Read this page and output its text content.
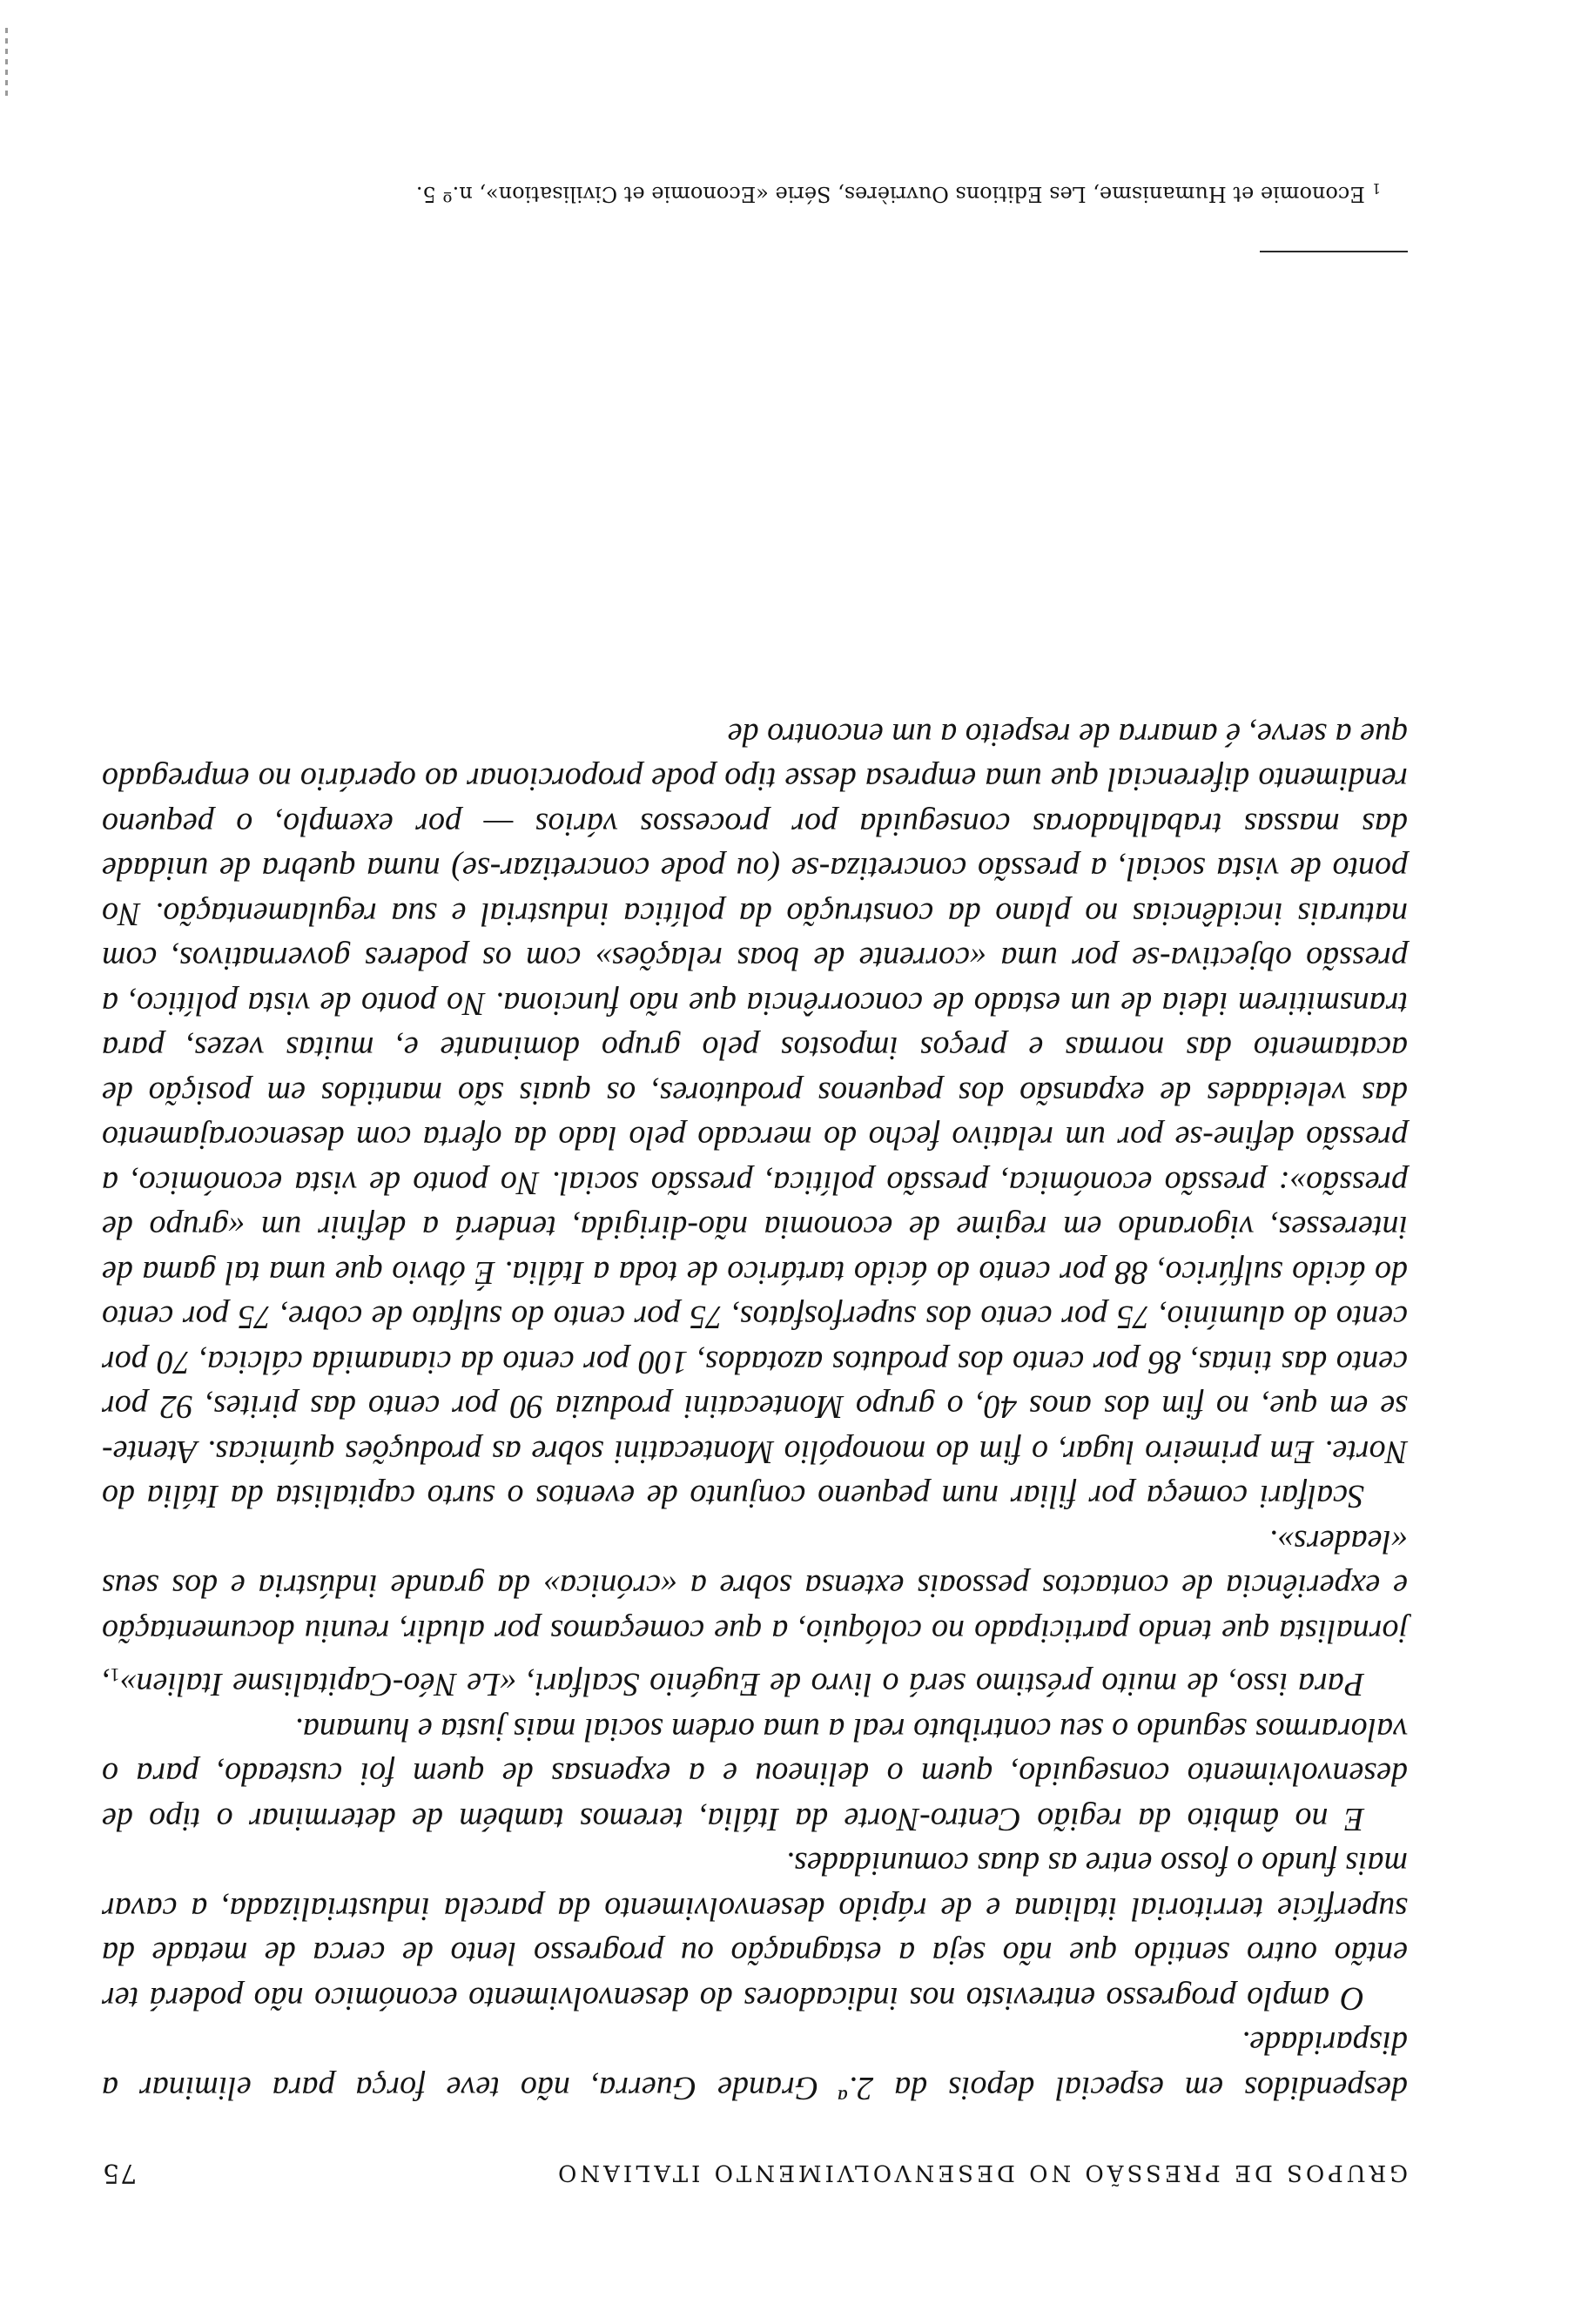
GRUPOS DE PRESSÃO NO DESENVOLVIMENTO ITALIANO
75

despendidos em especial depois da 2.ª Grande Guerra, não teve força para eliminar a disparidade.

O amplo progresso entrevisto nos indicadores do desenvolvimento económico não poderá ter então outro sentido que não seja a estagnação ou progresso lento de cerca de metade da superfície territorial italiana e de rápido desenvolvimento da parcela industrializada, a cavar mais fundo o fosso entre as duas comunidades.

E no âmbito da região Centro-Norte da Itália, teremos também de determinar o tipo de desenvolvimento conseguido, quem o delineou e a expensas de quem foi custeado, para o valorarmos segundo o seu contributo real a uma ordem social mais justa e humana.

Para isso, de muito préstimo será o livro de Eugénio Scalfari, «Le Néo-Capitalisme Italien»1, jornalista que tendo participado no colóquio, a que começamos por aludir, reuniu documentação e experiência de contactos pessoais extensa sobre a «crónica» da grande indústria e dos seus «leaders».

Scalfari começa por filiar num pequeno conjunto de eventos o surto capitalista da Itália do Norte. Em primeiro lugar, o fim do monopólio Montecatini sobre as produções químicas. Atente-se em que, no fim dos anos 40, o grupo Montecatini produzia 90 por cento das pirites, 92 por cento das tintas, 86 por cento dos produtos azotados, 100 por cento da cianamida cálcica, 70 por cento do alumínio, 75 por cento dos superfosfatos, 75 por cento do sulfato de cobre, 75 por cento do ácido sulfúrico, 88 por cento do ácido tartárico de toda a Itália. É óbvio que uma tal gama de interesses, vigorando em regime de economia não-dirigida, tenderá a definir um «grupo de pressão»: pressão económica, pressão política, pressão social. No ponto de vista económico, a pressão define-se por um relativo fecho do mercado pelo lado da oferta com desencorajamento das veleidades de expansão dos pequenos produtores, os quais são mantidos em posição de acatamento das normas e preços impostos pelo grupo dominante e, muitas vezes, para transmitirem ideia de um estado de concorrência que não funciona. No ponto de vista político, a pressão objectiva-se por uma «corrente de boas relações» com os poderes governativos, com naturais incidências no plano da construção da política industrial e sua regulamentação. No ponto de vista social, a pressão concretiza-se (ou pode concretizar-se) numa quebra de unidade das massas trabalhadoras conseguida por processos vários — por exemplo, o pequeno rendimento diferencial que uma empresa desse tipo pode proporcionar ao operário no empregado que a serve, é amarra de respeito a um encontro de

1Economie et Humanisme, Les Editions Ouvrières, Série «Economie et Civilisation», n.º 5.
